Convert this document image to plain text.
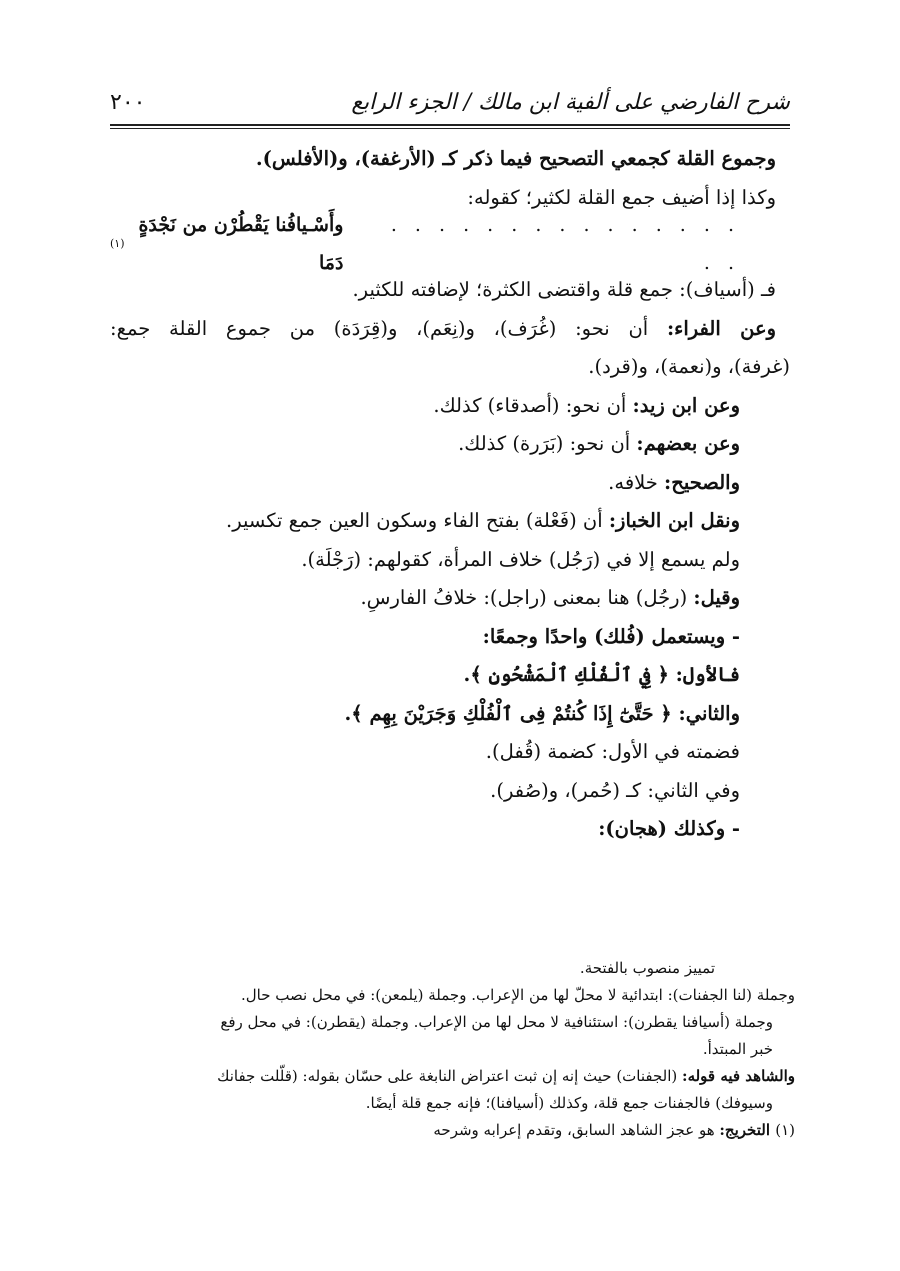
شرح الفارضي على ألفية ابن مالك / الجزء الرابع
٢٠٠
وجموع القلة كجمعي التصحيح فيما ذكر كـ (الأرغفة)، و(الأفلس).
وكذا إذا أضيف جمع القلة لكثير؛ كقوله:
. . . . . . . . . . . . . . . . .
وأَسْـيافُنا يَقْطُرْن من نَجْدَةٍ دَمَا
(١)
فـ (أسياف): جمع قلة واقتضى الكثرة؛ لإضافته للكثير.
وعن الفراء: أن نحو: (غُرَف)، و(نِعَم)، و(قِرَدَة) من جموع القلة جمع:
(غرفة)، و(نعمة)، و(قرد).
وعن ابن زيد: أن نحو: (أصدقاء) كذلك.
وعن بعضهم: أن نحو: (بَرَرة) كذلك.
والصحيح: خلافه.
ونقل ابن الخباز: أن (فَعْلة) بفتح الفاء وسكون العين جمع تكسير.
ولم يسمع إلا في (رَجُل) خلاف المرأة، كقولهم: (رَجْلَة).
وقيل: (رجُل) هنا بمعنى (راجل): خلافُ الفارسِ.
- ويستعمل (فُلك) واحدًا وجمعًا:
فالأول: ﴿ فِي ٱلْفُلْكِ ٱلْمَشْحُونِ ﴾.
والثاني: ﴿ حَتَّىٰٓ إِذَا كُنتُمْ فِى ٱلْفُلْكِ وَجَرَيْنَ بِهِم ﴾.
فضمته في الأول: كضمة (قُفل).
وفي الثاني: كـ (حُمر)، و(صُفر).
- وكذلك (هجان):
تمييز منصوب بالفتحة.
وجملة (لنا الجفنات): ابتدائية لا محلّ لها من الإعراب. وجملة (يلمعن): في محل نصب حال.
وجملة (أسيافنا يقطرن): استئنافية لا محل لها من الإعراب. وجملة (يقطرن): في محل رفع
خبر المبتدأ.
والشاهد فيه قوله: (الجفنات) حيث إنه إن ثبت اعتراض النابغة على حسّان بقوله: (قلّلت جفانك
وسيوفك) فالجفنات جمع قلة، وكذلك (أسيافنا)؛ فإنه جمع قلة أيضًا.
(١) التخريج: هو عجز الشاهد السابق، وتقدم إعرابه وشرحه
